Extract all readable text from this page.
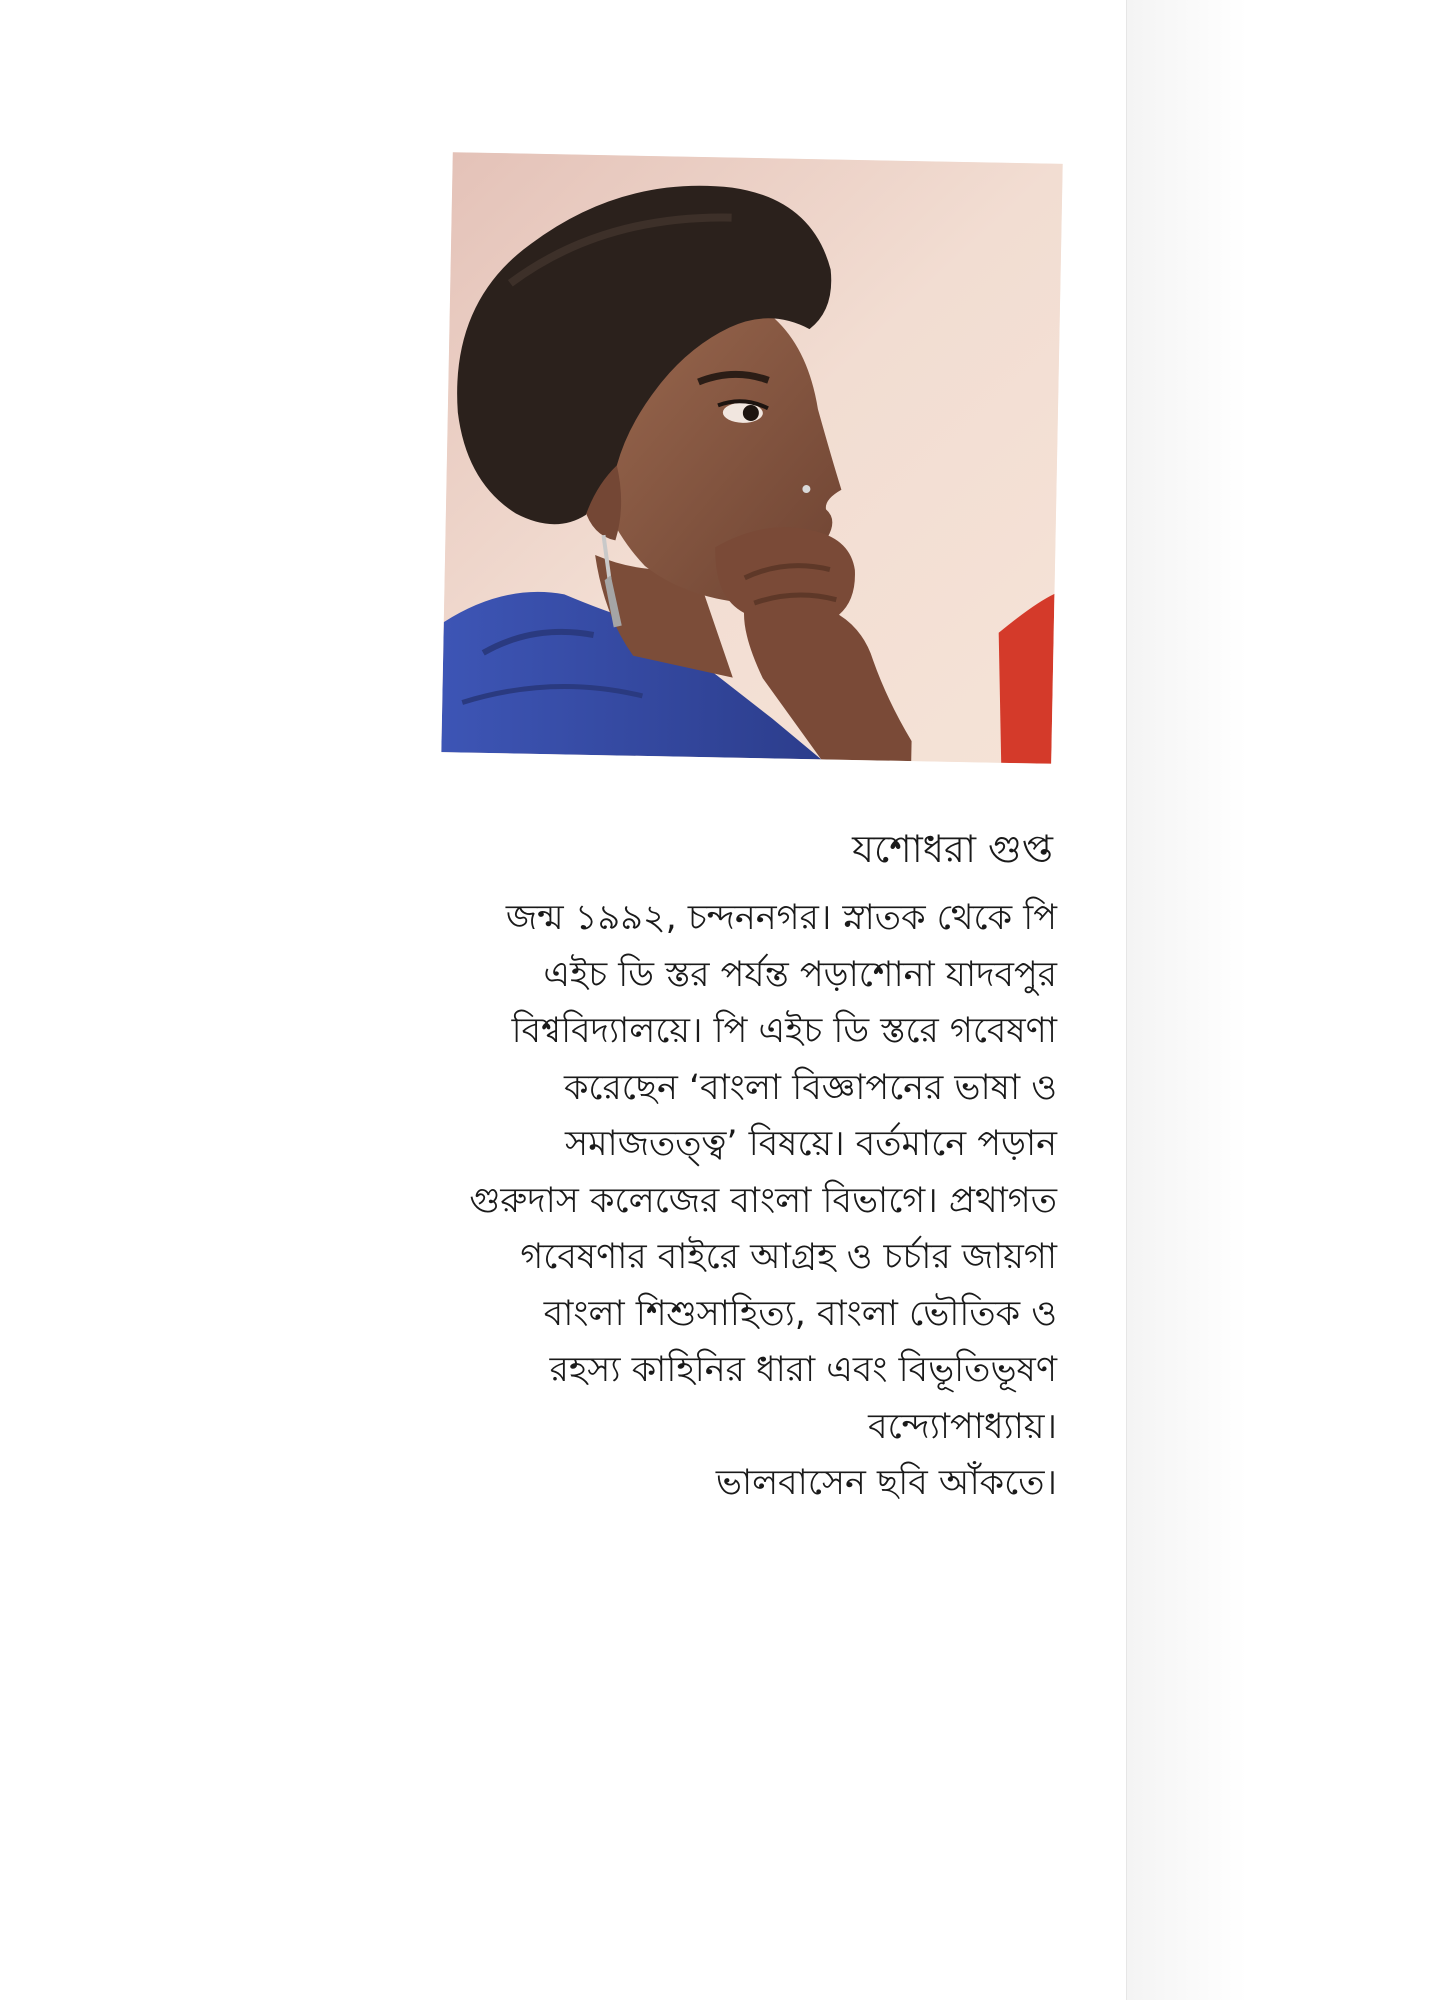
যশোধরা গুপ্ত
জন্ম ১৯৯২, চন্দননগর। স্নাতক থেকে পি
এইচ ডি স্তর পর্যন্ত পড়াশোনা যাদবপুর
বিশ্ববিদ্যালয়ে। পি এইচ ডি স্তরে গবেষণা
করেছেন ‘বাংলা বিজ্ঞাপনের ভাষা ও
সমাজতত্ত্ব’ বিষয়ে। বর্তমানে পড়ান
গুরুদাস কলেজের বাংলা বিভাগে। প্রথাগত
গবেষণার বাইরে আগ্রহ ও চর্চার জায়গা
বাংলা শিশুসাহিত্য, বাংলা ভৌতিক ও
রহস্য কাহিনির ধারা এবং বিভূতিভূষণ
বন্দ্যোপাধ্যায়।
ভালবাসেন ছবি আঁকতে।
